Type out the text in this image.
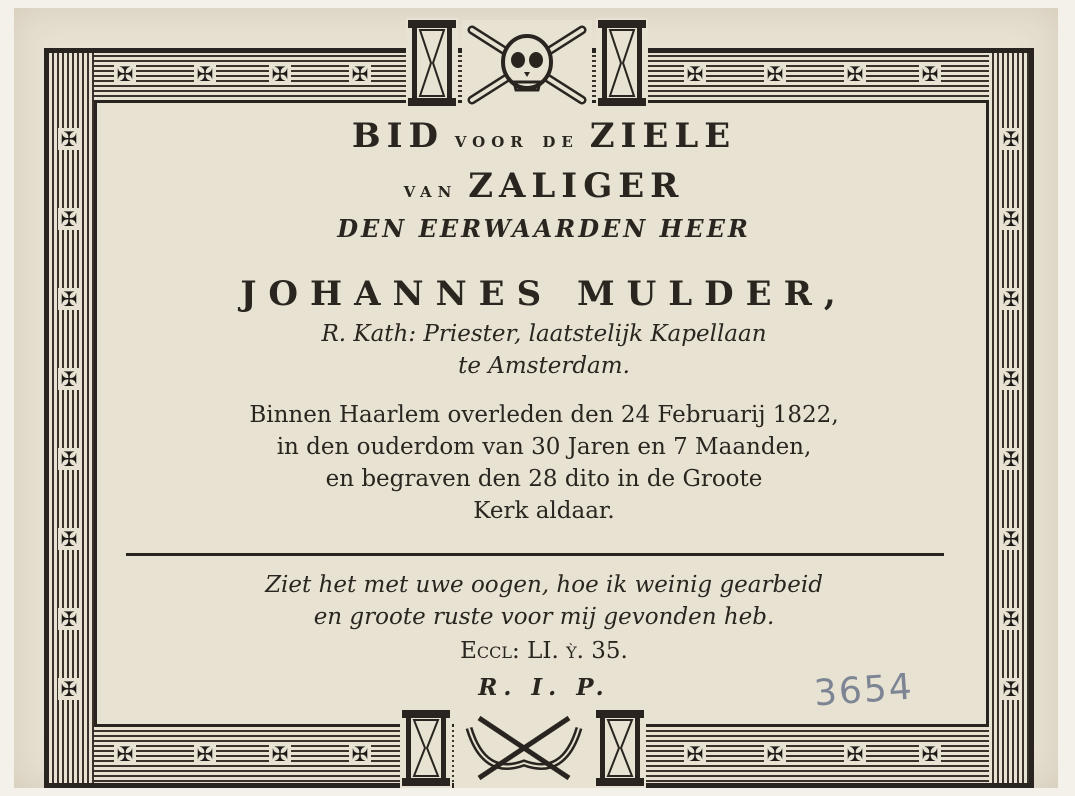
✠	✠	✠	✠	✠	✠	✠	✠
✠	✠	✠	✠	✠	✠	✠	✠
✠	✠
✠	✠
✠	✠
✠	✠
✠	✠
✠	✠
✠	✠
✠	✠
BID voor de ZIELE
van ZALIGER
DEN EERWAARDEN HEER
JOHANNES MULDER,
R. Kath: Priester, laatstelijk Kapellaan
te Amsterdam.
Binnen Haarlem overleden den 24 Februarij 1822,
in den ouderdom van 30 Jaren en 7 Maanden,
en begraven den 28 dito in de Groote
Kerk aldaar.
Ziet het met uwe oogen, hoe ik weinig gearbeid
en groote ruste voor mij gevonden heb.
Eccl: LI. ỳ. 35.
R. I. P.	3654
